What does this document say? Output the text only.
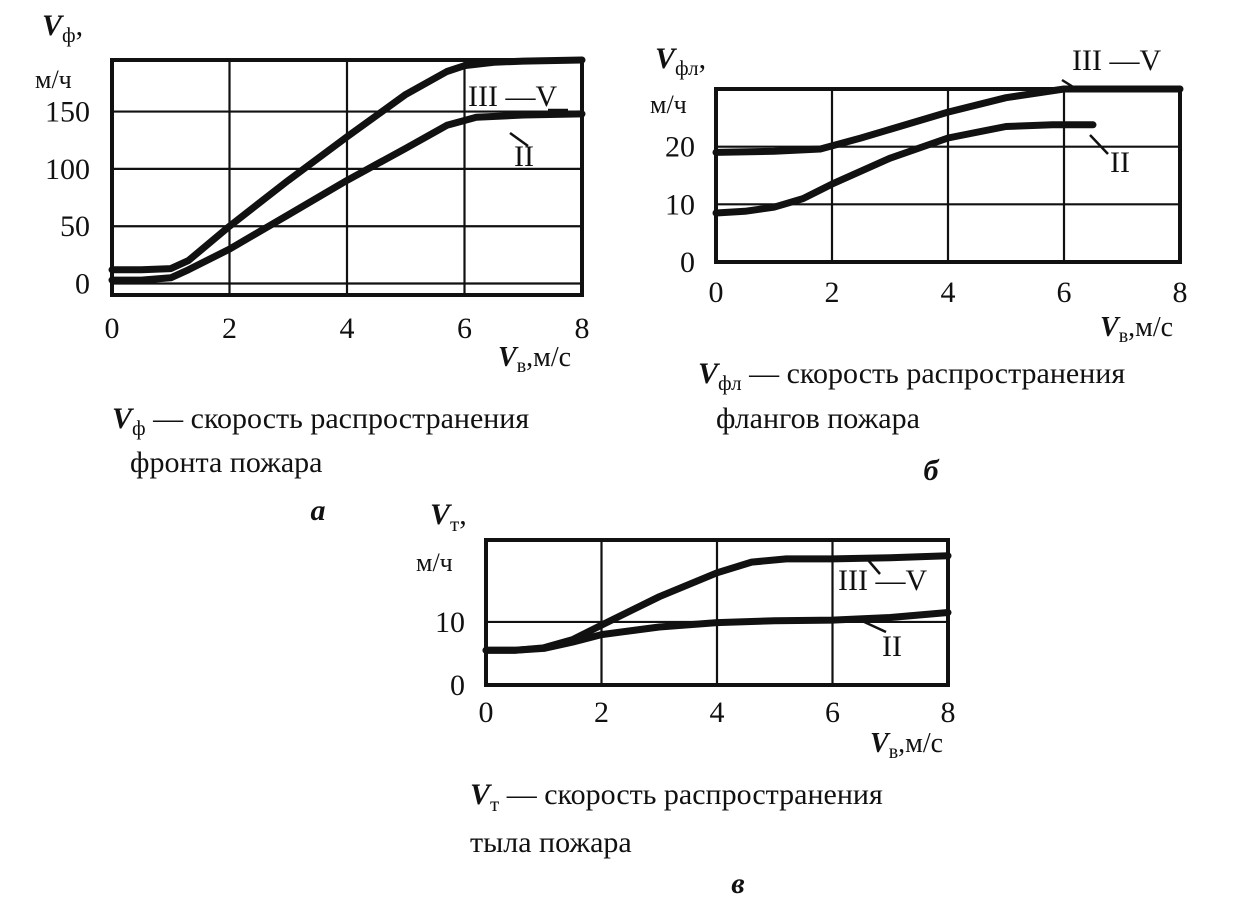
0	2	4	6	8
0
50
100
150
$V_ф$,
м/ч
$V_в,м/с$
III —V
II
$V_ф$ — скорость распространения
фронта пожара
а
0	2	4	6	8
0
10
20
$V_{фл}$,
м/ч
$V_в,м/с$
III —V
II
$V_{фл}$ — скорость распространения
флангов пожара
б
0	2	4	6	8
0
10
$V_т$,
м/ч
$V_в,м/с$
III —V
II
$V_т$ — скорость распространения
тыла пожара
в
